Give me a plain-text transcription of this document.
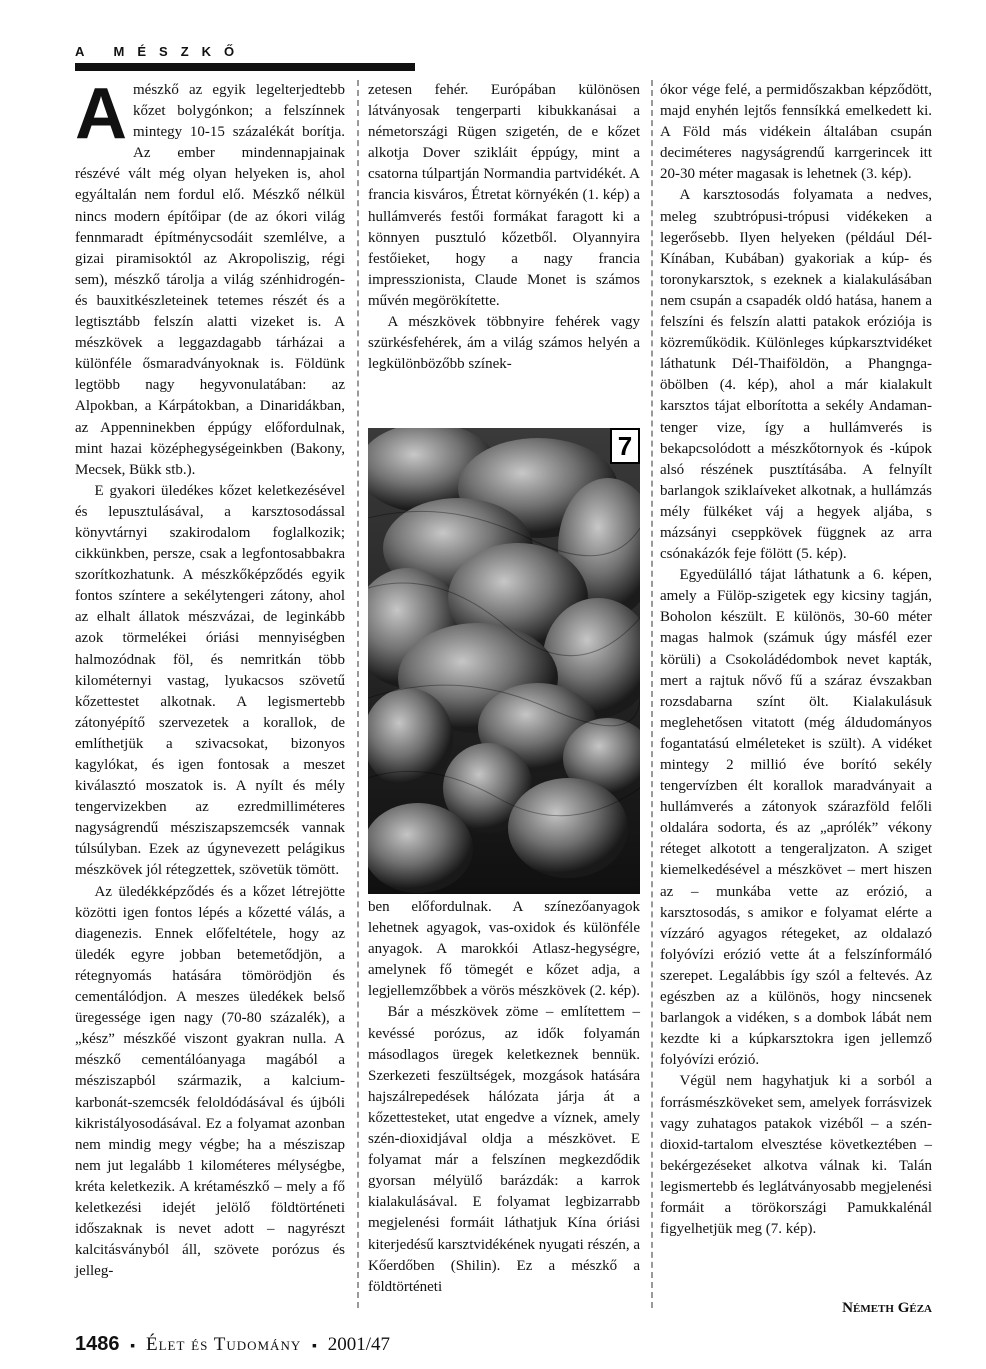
A MÉSZKŐ
A mészkő az egyik legelterjedtebb kőzet bolygónkon; a felszínnek mintegy 10-15 százalékát borítja. Az ember mindennapjainak részévé vált még olyan helyeken is, ahol egyáltalán nem fordul elő. Mészkő nélkül nincs modern építőipar (de az ókori világ fennmaradt építménycsodáit szemlélve, a gizai piramisoktól az Akropoliszig, régi sem), mészkő tárolja a világ szénhidrogén- és bauxitkészleteinek tetemes részét és a legtisztább felszín alatti vizeket is. A mészkövek a leggazdagabb tárházai a különféle ősmaradványoknak is. Földünk legtöbb nagy hegyvonulatában: az Alpokban, a Kárpátokban, a Dinaridákban, az Appenninekben éppúgy előfordulnak, mint hazai középhegységeinkben (Bakony, Mecsek, Bükk stb.).

E gyakori üledékes kőzet keletkezésével és lepusztulásával, a karsztosodással könyvtárnyi szakirodalom foglalkozik; cikkünkben, persze, csak a legfontosabbakra szorítkozhatunk. A mészkőképződés egyik fontos színtere a sekélytengeri zátony, ahol az elhalt állatok mészvázai, de leginkább azok törmelékei óriási mennyiségben halmozódnak föl, és nemritkán több kilométernyi vastag, lyukacsos szövetű kőzettestet alkotnak. A legismertebb zátonyépítő szervezetek a korallok, de említhetjük a szivacsokat, bizonyos kagylókat, és igen fontosak a meszet kiválasztó moszatok is. A nyílt és mély tengervizekben az ezredmilliméteres nagyságrendű mésziszapszemcsék vannak túlsúlyban. Ezek az úgynevezett pelágikus mészkövek jól rétegzettek, szövetük tömött.

Az üledékképződés és a kőzet létrejötte közötti igen fontos lépés a kőzetté válás, a diagenezis. Ennek előfeltétele, hogy az üledék egyre jobban betemetődjön, a rétegnyomás hatására tömörödjön és cementálódjon. A meszes üledékek belső üregessége igen nagy (70-80 százalék), a „kész” mészkőé viszont gyakran nulla. A mészkő cementálóanyaga magából a mésziszapból származik, a kalcium-karbonát-szemcsék feloldódásával és újbóli kikristályosodásával. Ez a folyamat azonban nem mindig megy végbe; ha a mésziszap nem jut legalább 1 kilométeres mélységbe, kréta keletkezik. A krétamészkő – mely a fő keletkezési idejét jelölő földtörténeti időszaknak is nevet adott – nagyrészt kalcitásványból áll, szövete porózus és jelleg-

zetesen fehér. Európában különösen látványosak tengerparti kibukkanásai a németországi Rügen szigetén, de e kőzet alkotja Dover szikláit éppúgy, mint a csatorna túlpartján Normandia partvidékét. A francia kisváros, Étretat környékén (1. kép) a hullámverés festői formákat faragott ki a könnyen pusztuló kőzetből. Olyannyira festőieket, hogy a nagy francia impresszionista, Claude Monet is számos művén megörökítette.

A mészkövek többnyire fehérek vagy szürkésfehérek, ám a világ számos helyén a legkülönbözőbb színek-

7

ben előfordulnak. A színezőanyagok lehetnek agyagok, vas-oxidok és különféle anyagok. A marokkói Atlasz-hegységre, amelynek fő tömegét e kőzet adja, a legjellemzőbbek a vörös mészkövek (2. kép).

Bár a mészkövek zöme – említettem – kevéssé porózus, az idők folyamán másodlagos üregek keletkeznek bennük. Szerkezeti feszültségek, mozgások hatására hajszálrepedések hálózata járja át a kőzettesteket, utat engedve a víznek, amely szén-dioxidjával oldja a mészkövet. E folyamat már a felszínen megkezdődik gyorsan mélyülő barázdák: a karrok kialakulásával. E folyamat legbizarrabb megjelenési formáit láthatjuk Kína óriási kiterjedésű karsztvidékének nyugati részén, a Kőerdőben (Shilin). Ez a mészkő a földtörténeti

ókor vége felé, a permidőszakban képződött, majd enyhén lejtős fennsíkká emelkedett ki. A Föld más vidékein általában csupán deciméteres nagyságrendű karrgerincek itt 20-30 méter magasak is lehetnek (3. kép).

A karsztosodás folyamata a nedves, meleg szubtrópusi-trópusi vidékeken a legerősebb. Ilyen helyeken (például Dél-Kínában, Kubában) gyakoriak a kúp- és toronykarsztok, s ezeknek a kialakulásában nem csupán a csapadék oldó hatása, hanem a felszíni és felszín alatti patakok eróziója is közreműködik. Különleges kúpkarsztvidéket láthatunk Dél-Thaiföldön, a Phangnga-öbölben (4. kép), ahol a már kialakult karsztos tájat elborította a sekély Andaman-tenger vize, így a hullámverés is bekapcsolódott a mészkőtornyok és -kúpok alsó részének pusztításába. A felnyílt barlangok sziklaíveket alkotnak, a hullámzás mély fülkéket váj a hegyek aljába, s mázsányi cseppkövek függnek az arra csónakázók feje fölött (5. kép).

Egyedülálló tájat láthatunk a 6. képen, amely a Fülöp-szigetek egy kicsiny tagján, Boholon készült. E különös, 30-60 méter magas halmok (számuk úgy másfél ezer körüli) a Csokoládédombok nevet kapták, mert a rajtuk nővő fű a száraz évszakban rozsdabarna színt ölt. Kialakulásuk meglehetősen vitatott (még áldudományos fogantatású elméleteket is szült). A vidéket mintegy 2 millió éve borító sekély tengervízben élt korallok maradványait a hullámverés a zátonyok szárazföld felőli oldalára sodorta, és az „aprólék” vékony réteget alkotott a tengeraljzaton. A sziget kiemelkedésével a mészkövet – mert hiszen az – munkába vette az erózió, a karsztosodás, s amikor e folyamat elérte a vízzáró agyagos rétegeket, az oldalazó folyóvízi erózió vette át a felszínformáló szerepet. Legalábbis így szól a feltevés. Az egészben az a különös, hogy nincsenek barlangok a vidéken, s a dombok lábát nem kezdte ki a kúpkarsztokra igen jellemző folyóvízi erózió.

Végül nem hagyhatjuk ki a sorból a forrásmészköveket sem, amelyek forrásvizek vagy zuhatagos patakok vizéből – a szén-dioxid-tartalom elvesztése következtében – bekérgezéseket alkotva válnak ki. Talán legismertebb és leglátványosabb megjelenési formáit a törökországi Pamukkalénál figyelhetjük meg (7. kép).

Németh Géza
1486 ▪ Élet és Tudomány ▪ 2001/47
